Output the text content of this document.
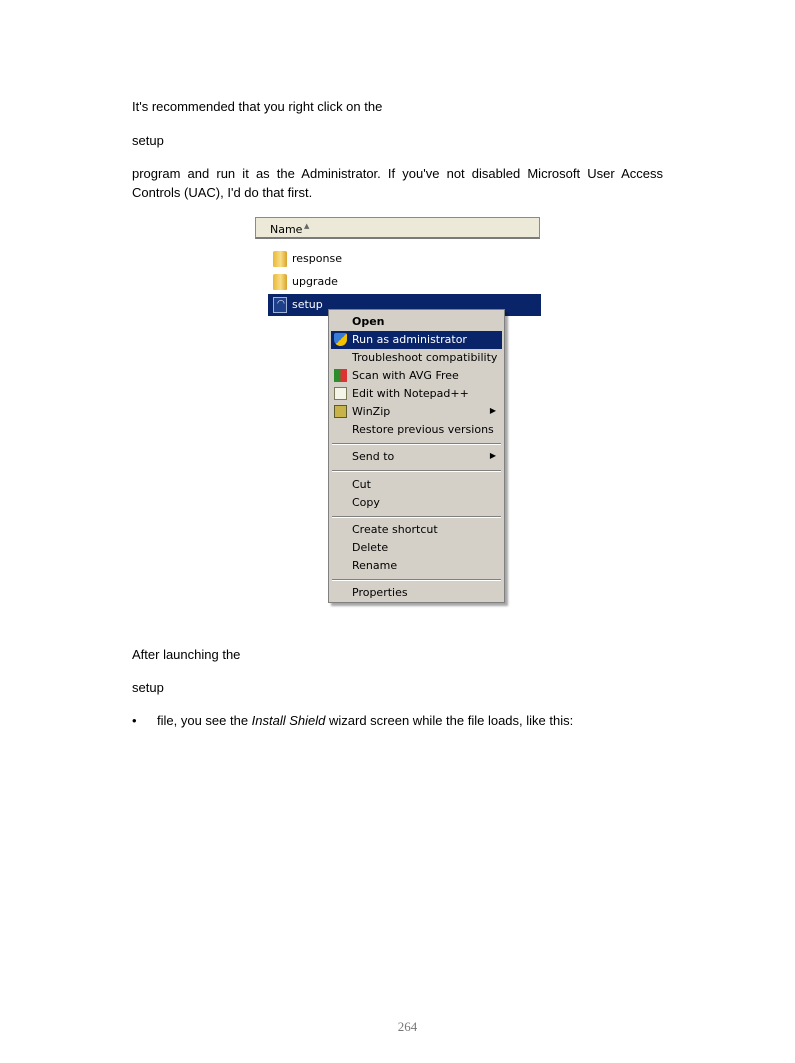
It's recommended that you right click on the

setup

program and run it as the Administrator. If you've not disabled Microsoft User Access Controls (UAC), I'd do that first.

Name ▲
response
upgrade
◠ setup
Open
Run as administrator
Troubleshoot compatibility
Scan with AVG Free
Edit with Notepad++
WinZip	▶
Restore previous versions
Send to	▶
Cut
Copy
Create shortcut
Delete
Rename
Properties

After launching the

setup

• file, you see the Install Shield wizard screen while the file loads, like this:
264
